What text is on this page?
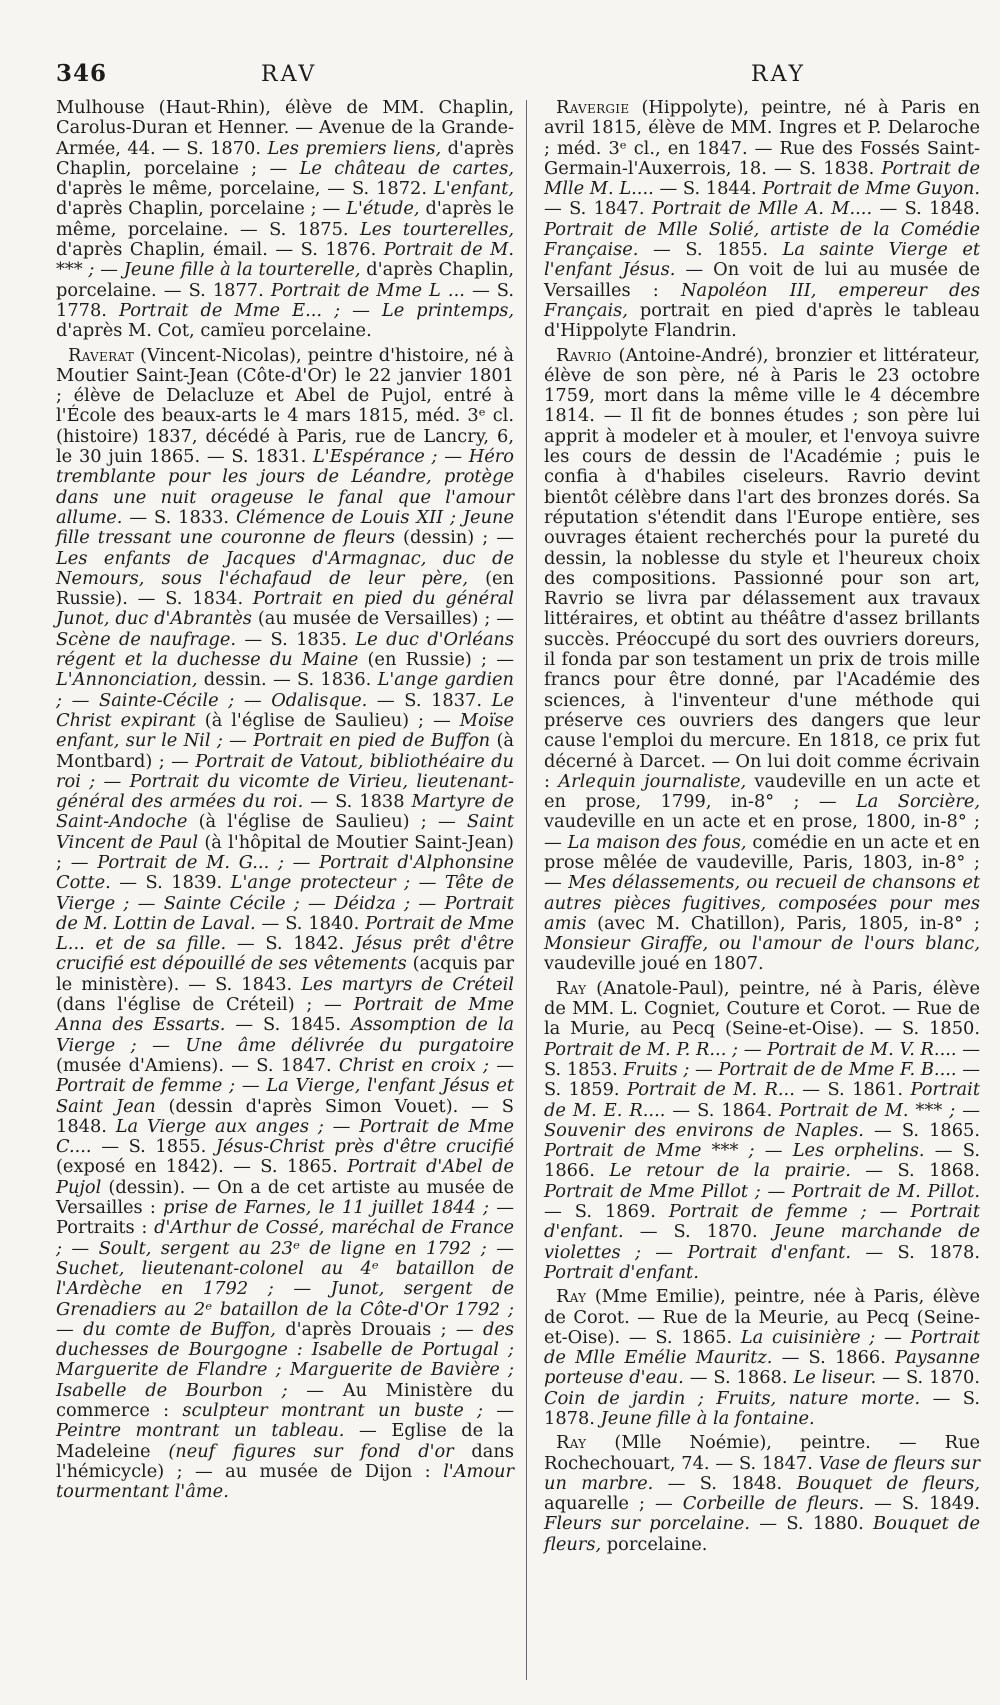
346	RAV	RAY

Mulhouse (Haut-Rhin), élève de MM. Chaplin, Carolus-Duran et Henner. — Avenue de la Grande-Armée, 44. — S. 1870. Les premiers liens, d'après Chaplin, porcelaine ; — Le château de cartes, d'après le même, porcelaine, — S. 1872. L'enfant, d'après Chaplin, porcelaine ; — L'étude, d'après le même, porcelaine. — S. 1875. Les tourterelles, d'après Chaplin, émail. — S. 1876. Portrait de M. *** ; — Jeune fille à la tourterelle, d'après Chaplin, porcelaine. — S. 1877. Portrait de Mme L ... — S. 1778. Portrait de Mme E... ; — Le printemps, d'après M. Cot, camïeu porcelaine.

Raverat (Vincent-Nicolas), peintre d'histoire, né à Moutier Saint-Jean (Côte-d'Or) le 22 janvier 1801 ; élève de Delacluze et Abel de Pujol, entré à l'École des beaux-arts le 4 mars 1815, méd. 3ᵉ cl. (histoire) 1837, décédé à Paris, rue de Lancry, 6, le 30 juin 1865. — S. 1831. L'Espérance ; — Héro tremblante pour les jours de Léandre, protège dans une nuit orageuse le fanal que l'amour allume. — S. 1833. Clémence de Louis XII ; Jeune fille tressant une couronne de fleurs (dessin) ; — Les enfants de Jacques d'Armagnac, duc de Nemours, sous l'échafaud de leur père, (en Russie). — S. 1834. Portrait en pied du général Junot, duc d'Abrantès (au musée de Versailles) ; — Scène de naufrage. — S. 1835. Le duc d'Orléans régent et la duchesse du Maine (en Russie) ; — L'Annonciation, dessin. — S. 1836. L'ange gardien ; — Sainte-Cécile ; — Odalisque. — S. 1837. Le Christ expirant (à l'église de Saulieu) ; — Moïse enfant, sur le Nil ; — Portrait en pied de Buffon (à Montbard) ; — Portrait de Vatout, bibliothéaire du roi ; — Portrait du vicomte de Virieu, lieutenant-général des armées du roi. — S. 1838 Martyre de Saint-Andoche (à l'église de Saulieu) ; — Saint Vincent de Paul (à l'hôpital de Moutier Saint-Jean) ; — Portrait de M. G... ; — Portrait d'Alphonsine Cotte. — S. 1839. L'ange protecteur ; — Tête de Vierge ; — Sainte Cécile ; — Déidza ; — Portrait de M. Lottin de Laval. — S. 1840. Portrait de Mme L... et de sa fille. — S. 1842. Jésus prêt d'être crucifié est dépouillé de ses vêtements (acquis par le ministère). — S. 1843. Les martyrs de Créteil (dans l'église de Créteil) ; — Portrait de Mme Anna des Essarts. — S. 1845. Assomption de la Vierge ; — Une âme délivrée du purgatoire (musée d'Amiens). — S. 1847. Christ en croix ; — Portrait de femme ; — La Vierge, l'enfant Jésus et Saint Jean (dessin d'après Simon Vouet). — S 1848. La Vierge aux anges ; — Portrait de Mme C.... — S. 1855. Jésus-Christ près d'être crucifié (exposé en 1842). — S. 1865. Portrait d'Abel de Pujol (dessin). — On a de cet artiste au musée de Versailles : prise de Farnes, le 11 juillet 1844 ; — Portraits : d'Arthur de Cossé, maréchal de France ; — Soult, sergent au 23ᵉ de ligne en 1792 ; — Suchet, lieutenant-colonel au 4ᵉ bataillon de l'Ardèche en 1792 ; — Junot, sergent de Grenadiers au 2ᵉ bataillon de la Côte-d'Or 1792 ; — du comte de Buffon, d'après Drouais ; — des duchesses de Bourgogne : Isabelle de Portugal ; Marguerite de Flandre ; Marguerite de Bavière ; Isabelle de Bourbon ; — Au Ministère du commerce : sculpteur montrant un buste ; — Peintre montrant un tableau. — Eglise de la Madeleine (neuf figures sur fond d'or dans l'hémicycle) ; — au musée de Dijon : l'Amour tourmentant l'âme.

Ravergie (Hippolyte), peintre, né à Paris en avril 1815, élève de MM. Ingres et P. Delaroche ; méd. 3ᵉ cl., en 1847. — Rue des Fossés Saint-Germain-l'Auxerrois, 18. — S. 1838. Portrait de Mlle M. L.... — S. 1844. Portrait de Mme Guyon. — S. 1847. Portrait de Mlle A. M.... — S. 1848. Portrait de Mlle Solié, artiste de la Comédie Française. — S. 1855. La sainte Vierge et l'enfant Jésus. — On voit de lui au musée de Versailles : Napoléon III, empereur des Français, portrait en pied d'après le tableau d'Hippolyte Flandrin.

Ravrio (Antoine-André), bronzier et littérateur, élève de son père, né à Paris le 23 octobre 1759, mort dans la même ville le 4 décembre 1814. — Il fit de bonnes études ; son père lui apprit à modeler et à mouler, et l'envoya suivre les cours de dessin de l'Académie ; puis le confia à d'habiles ciseleurs. Ravrio devint bientôt célèbre dans l'art des bronzes dorés. Sa réputation s'étendit dans l'Europe entière, ses ouvrages étaient recherchés pour la pureté du dessin, la noblesse du style et l'heureux choix des compositions. Passionné pour son art, Ravrio se livra par délassement aux travaux littéraires, et obtint au théâtre d'assez brillants succès. Préoccupé du sort des ouvriers doreurs, il fonda par son testament un prix de trois mille francs pour être donné, par l'Académie des sciences, à l'inventeur d'une méthode qui préserve ces ouvriers des dangers que leur cause l'emploi du mercure. En 1818, ce prix fut décerné à Darcet. — On lui doit comme écrivain : Arlequin journaliste, vaudeville en un acte et en prose, 1799, in-8° ; — La Sorcière, vaudeville en un acte et en prose, 1800, in-8° ; — La maison des fous, comédie en un acte et en prose mêlée de vaudeville, Paris, 1803, in-8° ; — Mes délassements, ou recueil de chansons et autres pièces fugitives, composées pour mes amis (avec M. Chatillon), Paris, 1805, in-8° ; Monsieur Giraffe, ou l'amour de l'ours blanc, vaudeville joué en 1807.

Ray (Anatole-Paul), peintre, né à Paris, élève de MM. L. Cogniet, Couture et Corot. — Rue de la Murie, au Pecq (Seine-et-Oise). — S. 1850. Portrait de M. P. R... ; — Portrait de M. V. R.... — S. 1853. Fruits ; — Portrait de de Mme F. B.... — S. 1859. Portrait de M. R... — S. 1861. Portrait de M. E. R.... — S. 1864. Portrait de M. *** ; — Souvenir des environs de Naples. — S. 1865. Portrait de Mme *** ; — Les orphelins. — S. 1866. Le retour de la prairie. — S. 1868. Portrait de Mme Pillot ; — Portrait de M. Pillot. — S. 1869. Portrait de femme ; — Portrait d'enfant. — S. 1870. Jeune marchande de violettes ; — Portrait d'enfant. — S. 1878. Portrait d'enfant.

Ray (Mme Emilie), peintre, née à Paris, élève de Corot. — Rue de la Meurie, au Pecq (Seine-et-Oise). — S. 1865. La cuisinière ; — Portrait de Mlle Emélie Mauritz. — S. 1866. Paysanne porteuse d'eau. — S. 1868. Le liseur. — S. 1870. Coin de jardin ; Fruits, nature morte. — S. 1878. Jeune fille à la fontaine.

Ray (Mlle Noémie), peintre. — Rue Rochechouart, 74. — S. 1847. Vase de fleurs sur un marbre. — S. 1848. Bouquet de fleurs, aquarelle ; — Corbeille de fleurs. — S. 1849. Fleurs sur porcelaine. — S. 1880. Bouquet de fleurs, porcelaine.
